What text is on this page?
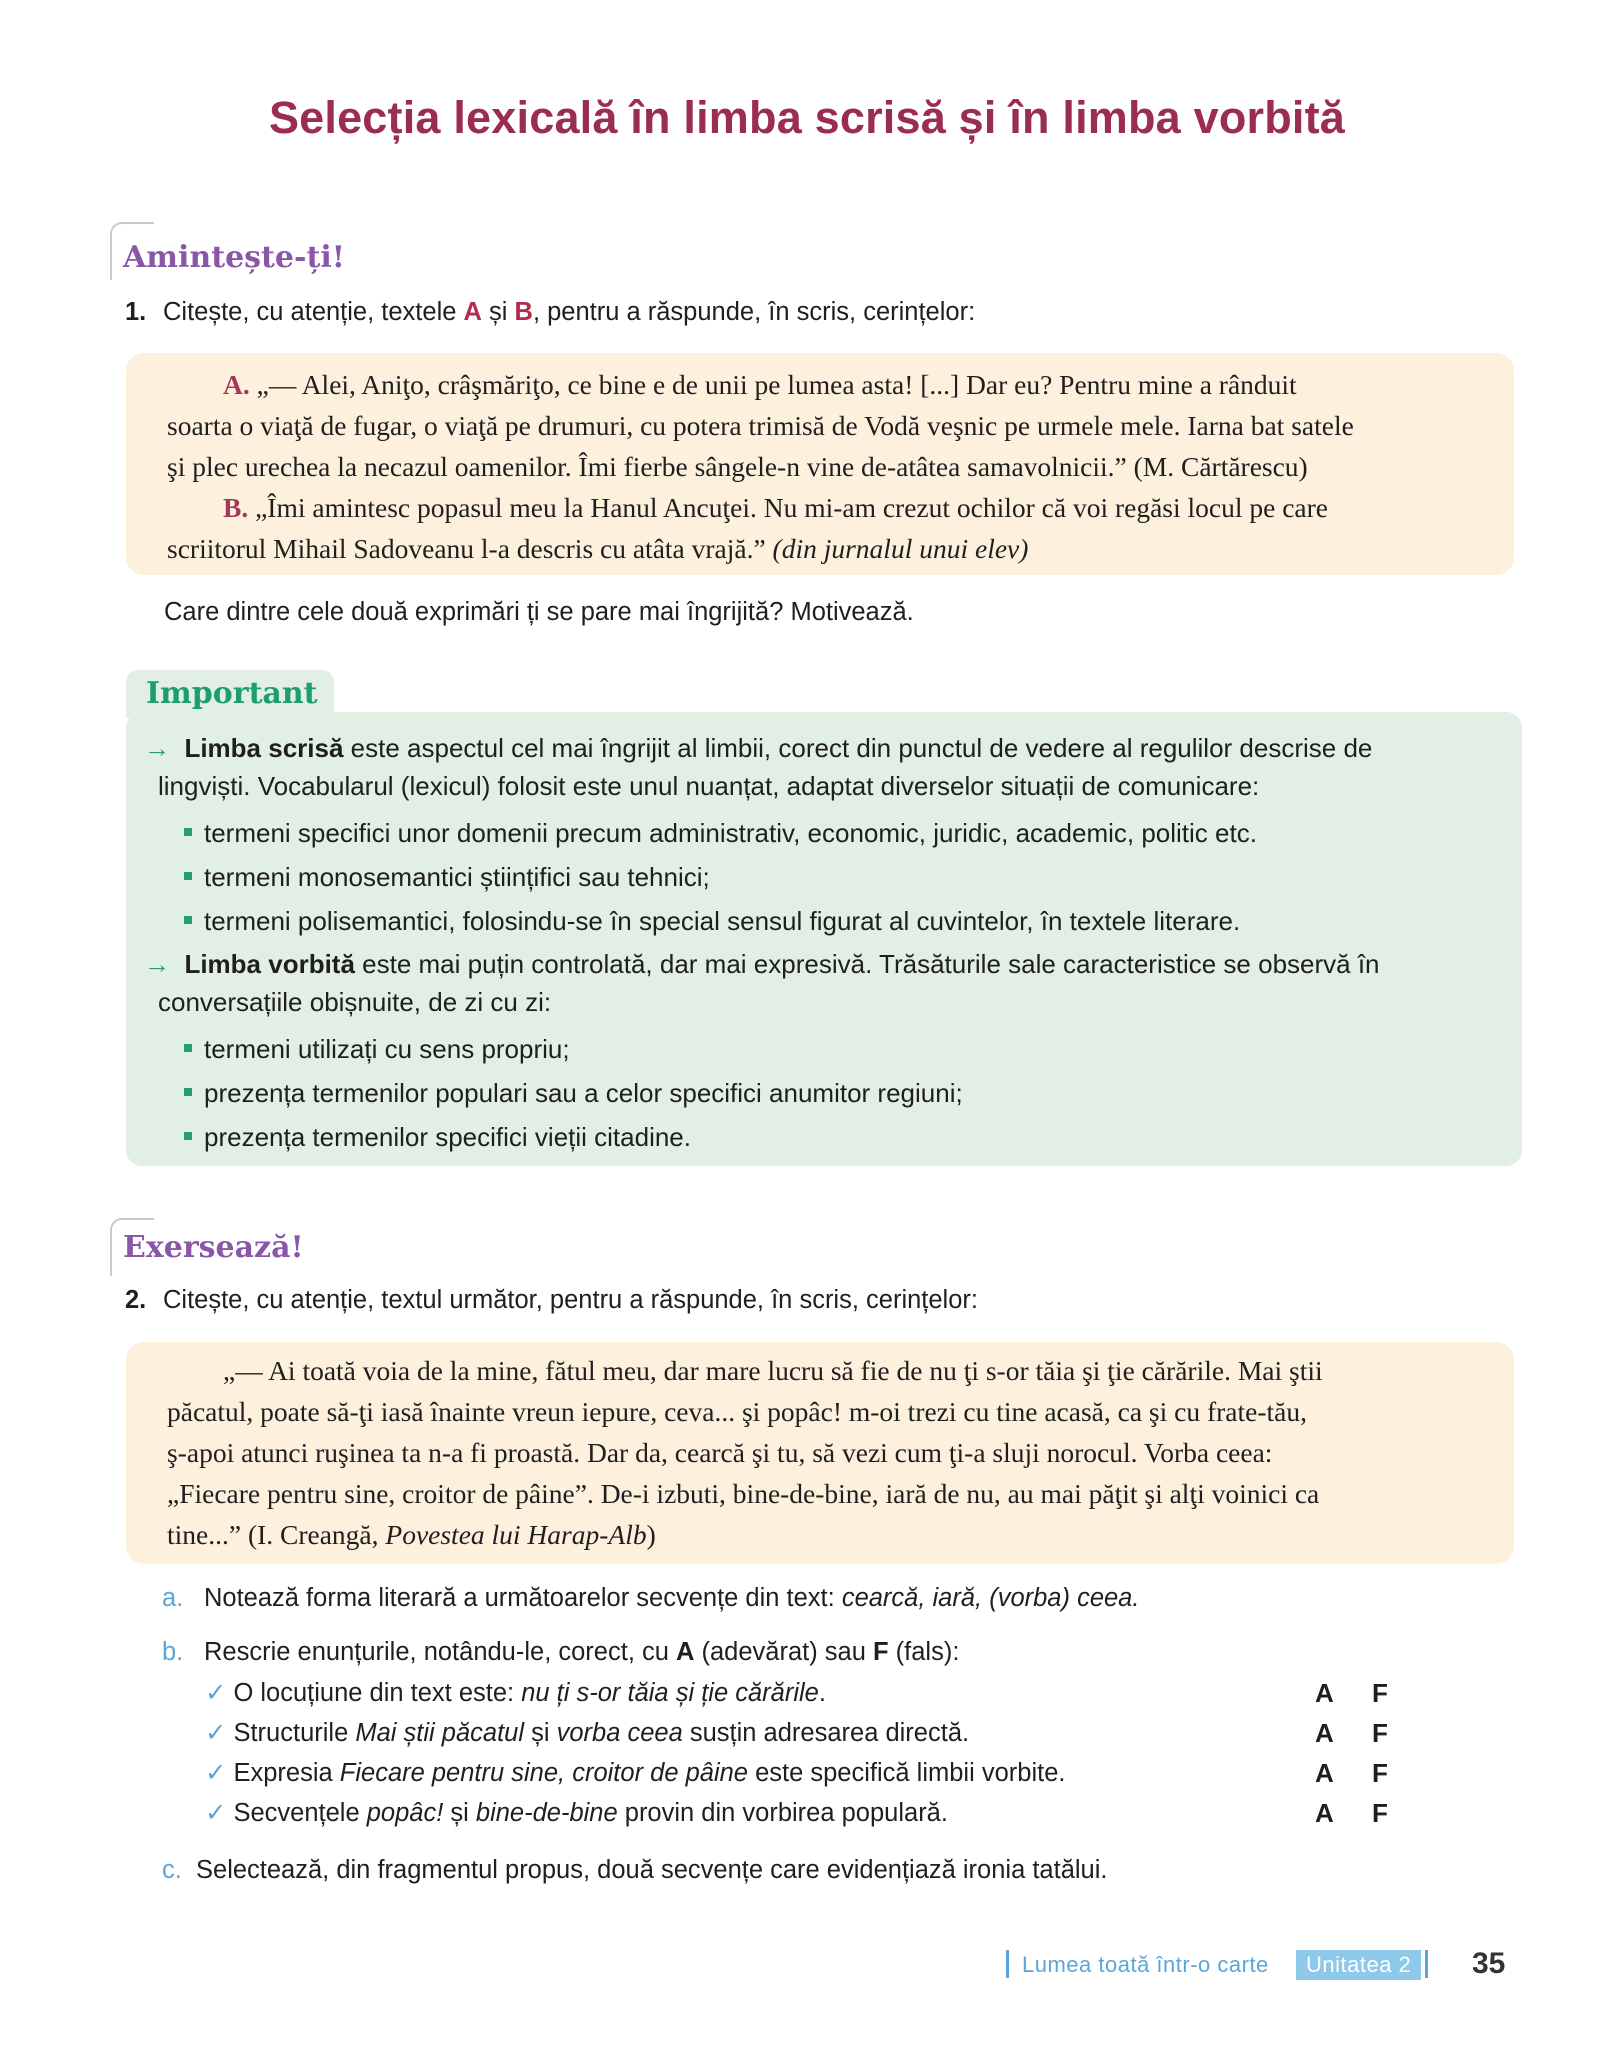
Selecția lexicală în limba scrisă și în limba vorbită
Amintește-ți!
1. Citește, cu atenție, textele A și B, pentru a răspunde, în scris, cerințelor:

A. „— Alei, Aniţo, crâşmăriţo, ce bine e de unii pe lumea asta! [...] Dar eu? Pentru mine a rânduit

soarta o viaţă de fugar, o viaţă pe drumuri, cu potera trimisă de Vodă veşnic pe urmele mele. Iarna bat satele

şi plec urechea la necazul oamenilor. Îmi fierbe sângele-n vine de-atâtea samavolnicii.” (M. Cărtărescu)

B. „Îmi amintesc popasul meu la Hanul Ancuţei. Nu mi-am crezut ochilor că voi regăsi locul pe care

scriitorul Mihail Sadoveanu l-a descris cu atâta vrajă.” (din jurnalul unui elev)

Care dintre cele două exprimări ți se pare mai îngrijită? Motivează.
Important
→ Limba scrisă este aspectul cel mai îngrijit al limbii, corect din punctul de vedere al regulilor descrise de
lingviști. Vocabularul (lexicul) folosit este unul nuanțat, adaptat diverselor situații de comunicare:
termeni specifici unor domenii precum administrativ, economic, juridic, academic, politic etc.
termeni monosemantici științifici sau tehnici;
termeni polisemantici, folosindu-se în special sensul figurat al cuvintelor, în textele literare.
→ Limba vorbită este mai puțin controlată, dar mai expresivă. Trăsăturile sale caracteristice se observă în
conversațiile obișnuite, de zi cu zi:
termeni utilizați cu sens propriu;
prezența termenilor populari sau a celor specifici anumitor regiuni;
prezența termenilor specifici vieții citadine.
Exersează!
2. Citește, cu atenție, textul următor, pentru a răspunde, în scris, cerințelor:

„— Ai toată voia de la mine, fătul meu, dar mare lucru să fie de nu ţi s-or tăia şi ţie cărările. Mai ştii

păcatul, poate să-ţi iasă înainte vreun iepure, ceva... şi popâc! m-oi trezi cu tine acasă, ca şi cu frate-tău,

ş-apoi atunci ruşinea ta n-a fi proastă. Dar da, cearcă şi tu, să vezi cum ţi-a sluji norocul. Vorba ceea:

„Fiecare pentru sine, croitor de pâine”. De-i izbuti, bine-de-bine, iară de nu, au mai păţit şi alţi voinici ca

tine...” (I. Creangă, Povestea lui Harap-Alb)

a. Notează forma literară a următoarelor secvențe din text: cearcă, iară, (vorba) ceea.
b. Rescrie enunțurile, notându-le, corect, cu A (adevărat) sau F (fals):
✓ O locuțiune din text este: nu ți s-or tăia și ție cărările.
✓ Structurile Mai știi păcatul și vorba ceea susțin adresarea directă.
✓ Expresia Fiecare pentru sine, croitor de pâine este specifică limbii vorbite.
✓ Secvențele popâc! și bine-de-bine provin din vorbirea populară.
A F
A F
A F
A F
c. Selectează, din fragmentul propus, două secvențe care evidențiază ironia tatălui.
Lumea toată într-o carte	Unitatea 2	35
